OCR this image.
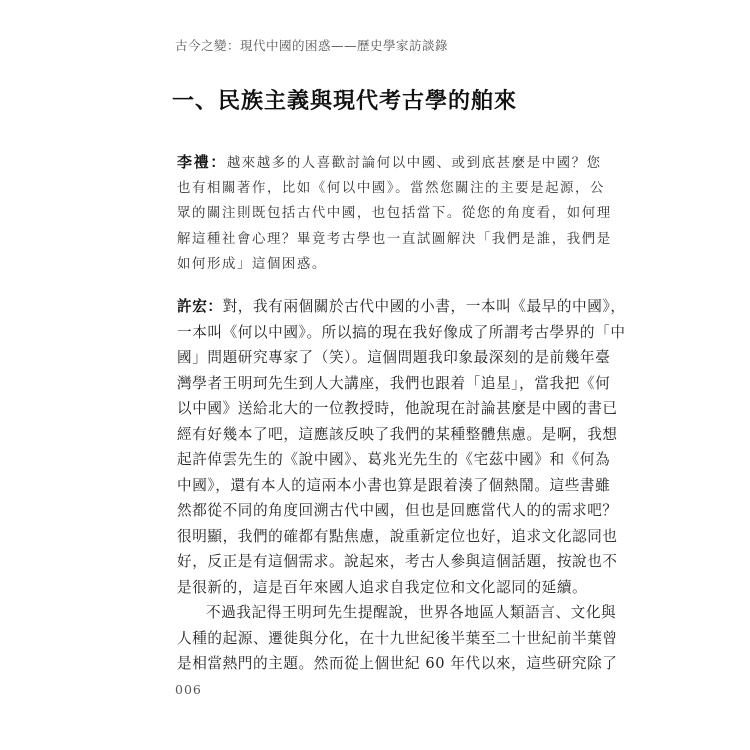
古今之變：現代中國的困惑——歷史學家訪談錄
一、民族主義與現代考古學的舶來
李禮：越來越多的人喜歡討論何以中國、或到底甚麼是中國？您
也有相關著作，比如《何以中國》。當然您關注的主要是起源，公
眾的關注則既包括古代中國，也包括當下。從您的角度看，如何理
解這種社會心理？畢竟考古學也一直試圖解決「我們是誰，我們是
如何形成」這個困惑。
許宏：對，我有兩個關於古代中國的小書，一本叫《最早的中國》，
一本叫《何以中國》。所以搞的現在我好像成了所謂考古學界的「中
國」問題研究專家了（笑）。這個問題我印象最深刻的是前幾年臺
灣學者王明珂先生到人大講座，我們也跟着「追星」，當我把《何
以中國》送給北大的一位教授時，他說現在討論甚麼是中國的書已
經有好幾本了吧，這應該反映了我們的某種整體焦慮。是啊，我想
起許倬雲先生的《說中國》、葛兆光先生的《宅茲中國》和《何為
中國》，還有本人的這兩本小書也算是跟着湊了個熱鬧。這些書雖
然都從不同的角度回溯古代中國，但也是回應當代人的的需求吧？
很明顯，我們的確都有點焦慮，說重新定位也好，追求文化認同也
好，反正是有這個需求。說起來，考古人參與這個話題，按說也不
是很新的，這是百年來國人追求自我定位和文化認同的延續。
不過我記得王明珂先生提醒說，世界各地區人類語言、文化與
人種的起源、遷徙與分化，在十九世紀後半葉至二十世紀前半葉曾
是相當熱門的主題。然而從上個世紀 60 年代以來，這些研究除了
006
